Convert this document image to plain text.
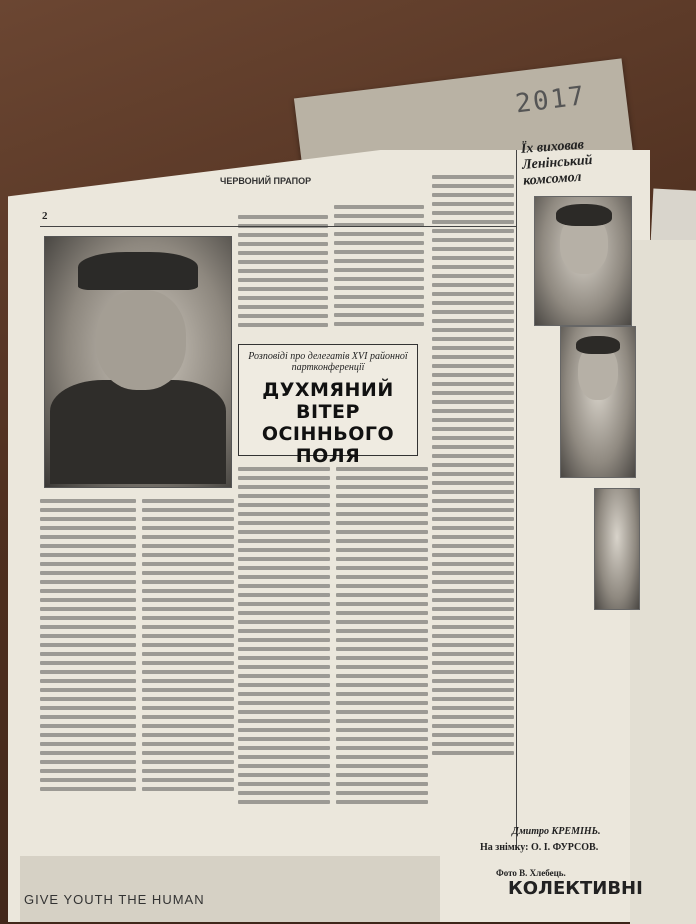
2017
ЧЕРВОНИЙ ПРАПОР
2
Розповіді про делегатів XVI районної партконференції
ДУХМЯНИЙ ВІТЕР ОСІННЬОГО ПОЛЯ
Їх виховав Ленінський комсомол
Дмитро КРЕМІНЬ.
На знімку: О. І. ФУРСОВ.
Фото В. Хлебець.
GIVE YOUTH THE HUMAN
КОЛЕКТИВНІ
